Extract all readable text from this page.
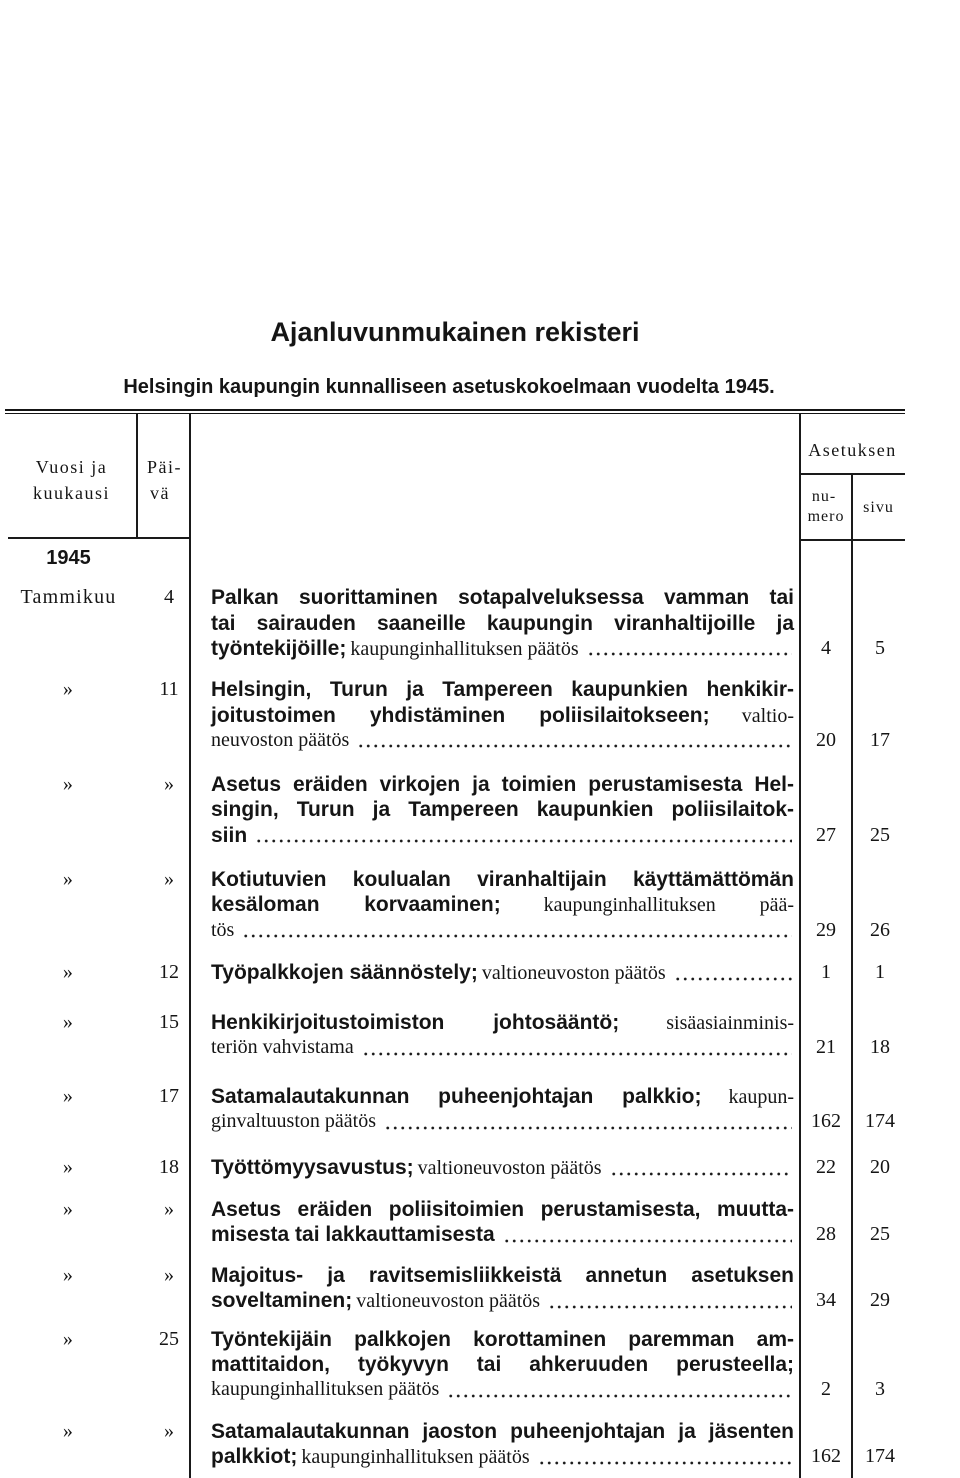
Ajanluvunmukainen rekisteri
Helsingin kaupungin kunnalliseen asetuskokoelmaan vuodelta 1945.
Vuosi ja
kuukausi
Päi-
vä
Asetuksen
nu-
mero
sivu
1945
Tammikuu	4	Palkan suorittaminen sotapalveluksessa vamman tai
tai sairauden saaneille kaupungin viranhaltijoille ja
työntekijöille; kaupunginhallituksen päätös	4	5
»	11	Helsingin, Turun ja Tampereen kaupunkien henkikir-
joitustoimen yhdistäminen poliisilaitokseen; valtio-
neuvoston päätös	20	17
»	»	Asetus eräiden virkojen ja toimien perustamisesta Hel-
singin, Turun ja Tampereen kaupunkien poliisilaitok-
siin	27	25
»	»	Kotiutuvien koulualan viranhaltijain käyttämättömän
kesäloman korvaaminen; kaupunginhallituksen pää-
tös	29	26
»	12	Työpalkkojen säännöstely; valtioneuvoston päätös	1	1
»	15	Henkikirjoitustoimiston johtosääntö; sisäasiainminis-
teriön vahvistama	21	18
»	17	Satamalautakunnan puheenjohtajan palkkio; kaupun-
ginvaltuuston päätös	162	174
»	18	Työttömyysavustus; valtioneuvoston päätös	22	20
»	»	Asetus eräiden poliisitoimien perustamisesta, muutta-
misesta tai lakkauttamisesta	28	25
»	»	Majoitus- ja ravitsemisliikkeistä annetun asetuksen
soveltaminen; valtioneuvoston päätös	34	29
»	25	Työntekijäin palkkojen korottaminen paremman am-
mattitaidon, työkyvyn tai ahkeruuden perusteella;
kaupunginhallituksen päätös	2	3
»	»	Satamalautakunnan jaoston puheenjohtajan ja jäsenten
palkkiot; kaupunginhallituksen päätös	162	174
